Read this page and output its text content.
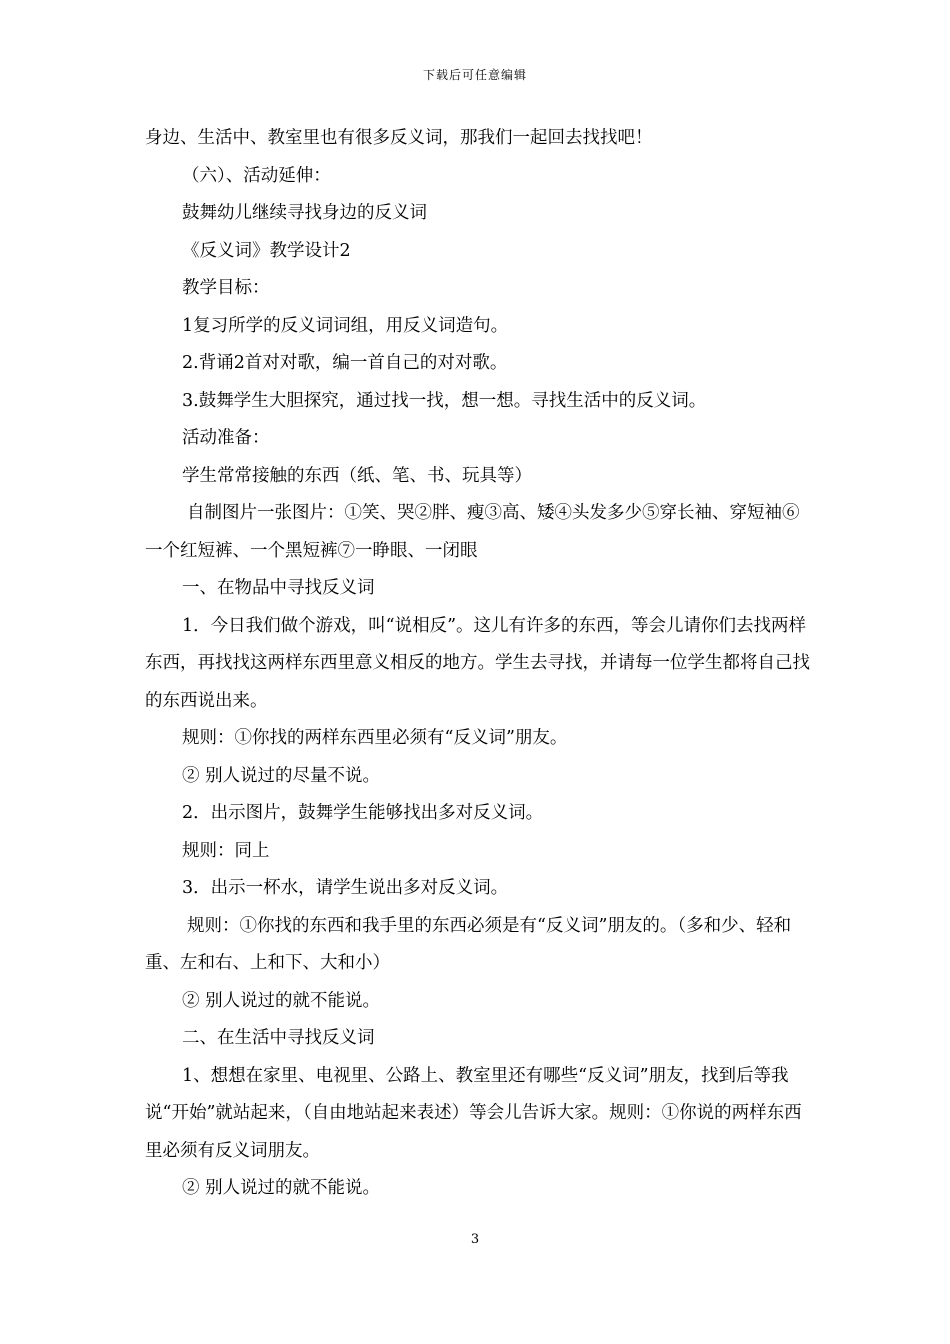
下载后可任意编辑

身边、生活中、教室里也有很多反义词，那我们一起回去找找吧！

（六）、活动延伸：

鼓舞幼儿继续寻找身边的反义词

《反义词》教学设计2

教学目标：

1复习所学的反义词词组，用反义词造句。

2.背诵2首对对歌，编一首自己的对对歌。

3.鼓舞学生大胆探究，通过找一找，想一想。寻找生活中的反义词。

活动准备：

学生常常接触的东西（纸、笔、书、玩具等）

自制图片一张图片：①笑、哭②胖、瘦③高、矮④头发多少⑤穿长袖、穿短袖⑥一个红短裤、一个黑短裤⑦一睁眼、一闭眼

一、在物品中寻找反义词

1．今日我们做个游戏，叫“说相反”。这儿有许多的东西，等会儿请你们去找两样东西，再找找这两样东西里意义相反的地方。学生去寻找，并请每一位学生都将自己找的东西说出来。

规则：①你找的两样东西里必须有“反义词”朋友。

② 别人说过的尽量不说。

2．出示图片，鼓舞学生能够找出多对反义词。

规则：同上

3．出示一杯水，请学生说出多对反义词。

规则：①你找的东西和我手里的东西必须是有“反义词”朋友的。（多和少、轻和重、左和右、上和下、大和小）

② 别人说过的就不能说。

二、在生活中寻找反义词

1、想想在家里、电视里、公路上、教室里还有哪些“反义词”朋友，找到后等我说“开始”就站起来，（自由地站起来表述）等会儿告诉大家。规则：①你说的两样东西里必须有反义词朋友。

② 别人说过的就不能说。

3
